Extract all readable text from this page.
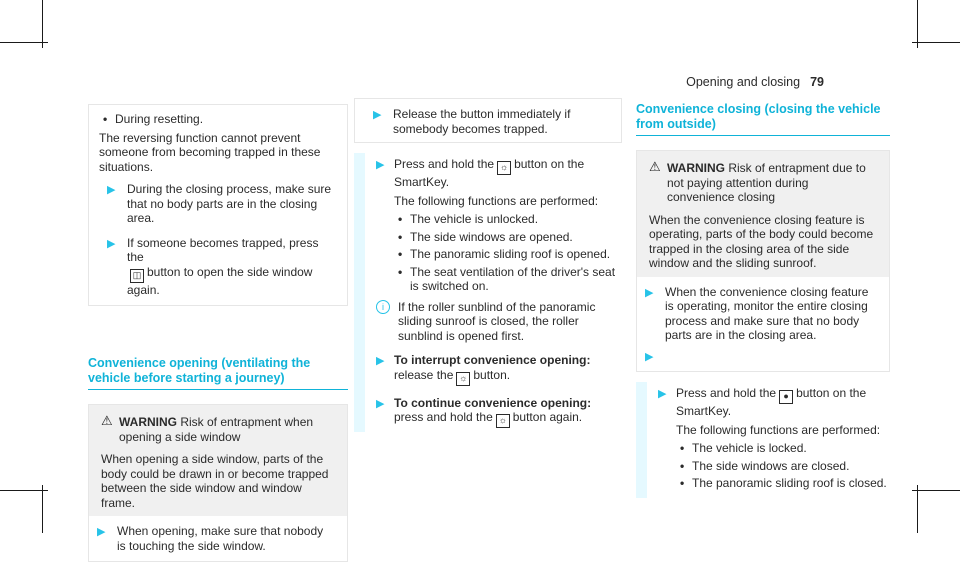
Opening and closing 79
• During resetting.
The reversing function cannot prevent someone from becoming trapped in these situations.
▶ During the closing process, make sure that no body parts are in the closing area.
▶ If someone becomes trapped, press the
◫ button to open the side window again.
Convenience opening (ventilating the vehicle before starting a journey)
⚠ WARNING Risk of entrapment when opening a side window
When opening a side window, parts of the body could be drawn in or become trapped between the side window and window frame.
▶ When opening, make sure that nobody is touching the side window.
▶ Release the button immediately if somebody becomes trapped.
▶ Press and hold the ☼ button on the SmartKey.
The following functions are performed:
• The vehicle is unlocked.
• The side windows are opened.
• The panoramic sliding roof is opened.
• The seat ventilation of the driver's seat is switched on.
i	If the roller sunblind of the panoramic sliding sunroof is closed, the roller sunblind is opened first.
▶ To interrupt convenience opening: release the ☼ button.
▶ To continue convenience opening: press and hold the ☼ button again.
Convenience closing (closing the vehicle from outside)
⚠ WARNING Risk of entrapment due to not paying attention during convenience closing
When the convenience closing feature is operating, parts of the body could become trapped in the closing area of the side window and the sliding sunroof.
▶ When the convenience closing feature is operating, monitor the entire closing process and make sure that no body parts are in the closing area.
▶

▶ Press and hold the ● button on the SmartKey.
The following functions are performed:
• The vehicle is locked.
• The side windows are closed.
• The panoramic sliding roof is closed.
